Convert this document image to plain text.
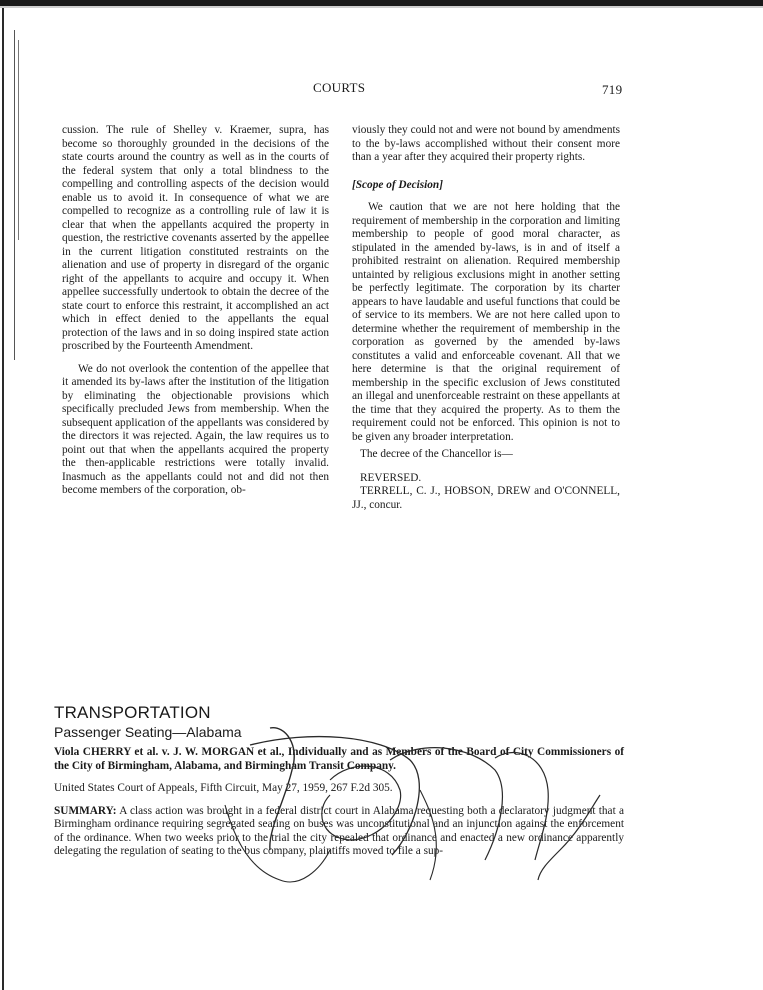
COURTS	719

cussion. The rule of Shelley v. Kraemer, supra, has become so thoroughly grounded in the decisions of the state courts around the country as well as in the courts of the federal system that only a total blindness to the compelling and controlling aspects of the decision would enable us to avoid it. In consequence of what we are compelled to recognize as a controlling rule of law it is clear that when the appellants acquired the property in question, the restrictive covenants asserted by the appellee in the current litigation constituted restraints on the alienation and use of property in disregard of the organic right of the appellants to acquire and occupy it. When appellee successfully undertook to obtain the decree of the state court to enforce this restraint, it accomplished an act which in effect denied to the appellants the equal protection of the laws and in so doing inspired state action proscribed by the Fourteenth Amendment.

We do not overlook the contention of the appellee that it amended its by-laws after the institution of the litigation by eliminating the objectionable provisions which specifically precluded Jews from membership. When the subsequent application of the appellants was considered by the directors it was rejected. Again, the law requires us to point out that when the appellants acquired the property the then-applicable restrictions were totally invalid. Inasmuch as the appellants could not and did not then become members of the corporation, ob-

viously they could not and were not bound by amendments to the by-laws accomplished without their consent more than a year after they acquired their property rights.

[Scope of Decision]

We caution that we are not here holding that the requirement of membership in the corporation and limiting membership to people of good moral character, as stipulated in the amended by-laws, is in and of itself a prohibited restraint on alienation. Required membership untainted by religious exclusions might in another setting be perfectly legitimate. The corporation by its charter appears to have laudable and useful functions that could be of service to its members. We are not here called upon to determine whether the requirement of membership in the corporation as governed by the amended by-laws constitutes a valid and enforceable covenant. All that we here determine is that the original requirement of membership in the specific exclusion of Jews constituted an illegal and unenforceable restraint on these appellants at the time that they acquired the property. As to them the requirement could not be enforced. This opinion is not to be given any broader interpretation.

The decree of the Chancellor is—

REVERSED.

TERRELL, C. J., HOBSON, DREW and O'CONNELL, JJ., concur.

TRANSPORTATION
Passenger Seating—Alabama
Viola CHERRY et al. v. J. W. MORGAN et al., Individually and as Members of the Board of City Commissioners of the City of Birmingham, Alabama, and Birmingham Transit Company.
United States Court of Appeals, Fifth Circuit, May 27, 1959, 267 F.2d 305.
SUMMARY: A class action was brought in a federal district court in Alabama requesting both a declaratory judgment that a Birmingham ordinance requiring segregated seating on buses was unconstitutional and an injunction against the enforcement of the ordinance. When two weeks prior to the trial the city repealed that ordinance and enacted a new ordinance apparently delegating the regulation of seating to the bus company, plaintiffs moved to file a sup-
